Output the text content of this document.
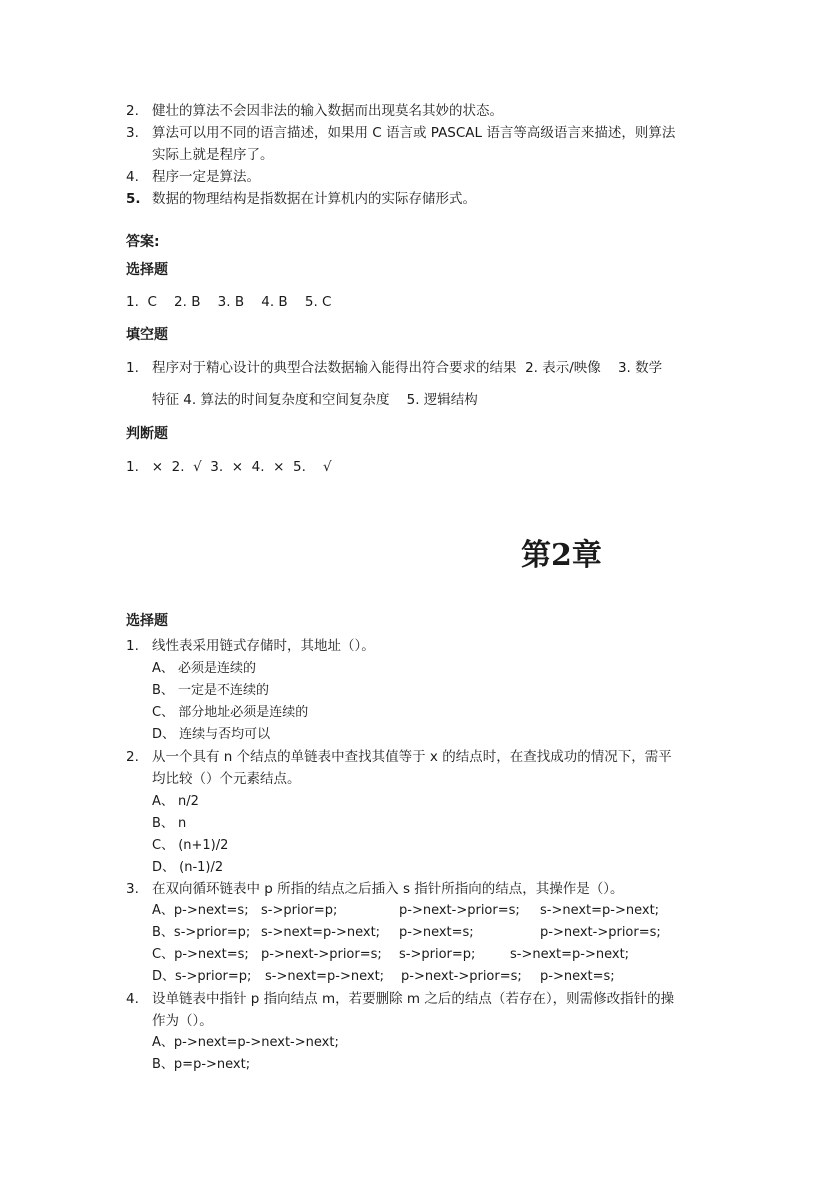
2. 健壮的算法不会因非法的输入数据而出现莫名其妙的状态。
3. 算法可以用不同的语言描述，如果用 C 语言或 PASCAL 语言等高级语言来描述，则算法
实际上就是程序了。
4. 程序一定是算法。
5. 数据的物理结构是指数据在计算机内的实际存储形式。
答案:
选择题
1.  C    2. B    3. B    4. B    5. C
填空题
1. 程序对于精心设计的典型合法数据输入能得出符合要求的结果  2. 表示/映像    3. 数学
特征 4. 算法的时间复杂度和空间复杂度    5. 逻辑结构
判断题
1.   ×  2.  √  3.  ×  4.  ×  5.    √
第2章
选择题
1. 线性表采用链式存储时，其地址（）。
A、 必须是连续的
B、 一定是不连续的
C、 部分地址必须是连续的
D、 连续与否均可以
2. 从一个具有 n 个结点的单链表中查找其值等于 x 的结点时，在查找成功的情况下，需平
均比较（）个元素结点。
A、 n/2
B、 n
C、 (n+1)/2
D、 (n-1)/2
3. 在双向循环链表中 p 所指的结点之后插入 s 指针所指向的结点，其操作是（）。
A、p->next=s; s->prior=p;	p->next->prior=s; s->next=p->next;
B、s->prior=p; s->next=p->next; p->next=s;	p->next->prior=s;
C、p->next=s; p->next->prior=s; s->prior=p;	s->next=p->next;
D、s->prior=p; s->next=p->next; p->next->prior=s; p->next=s;
4. 设单链表中指针 p 指向结点 m，若要删除 m 之后的结点（若存在），则需修改指针的操
作为（）。
A、p->next=p->next->next;
B、p=p->next;
